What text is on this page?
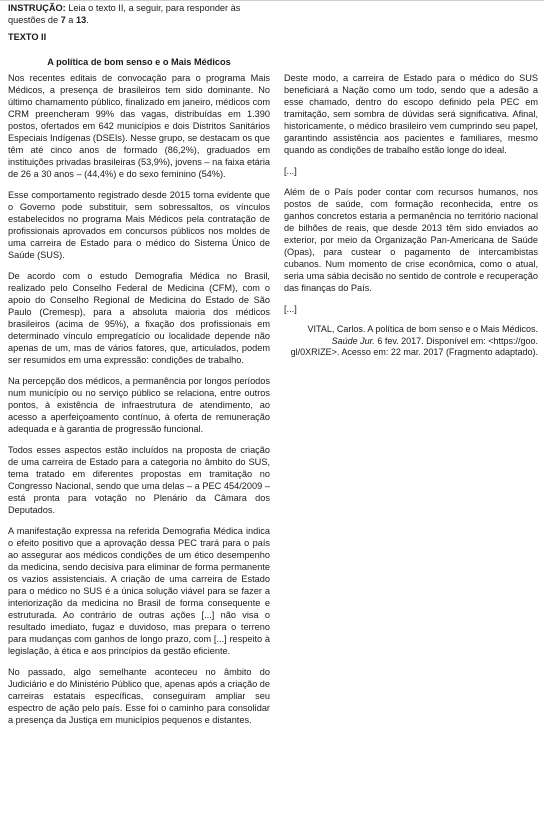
INSTRUÇÃO: Leia o texto II, a seguir, para responder às questões de 7 a 13.
TEXTO II
A política de bom senso e o Mais Médicos

Nos recentes editais de convocação para o programa Mais Médicos, a presença de brasileiros tem sido dominante. No último chamamento público, finalizado em janeiro, médicos com CRM preencheram 99% das vagas, distribuídas em 1.390 postos, ofertados em 642 municípios e dois Distritos Sanitários Especiais Indígenas (DSEIs). Nesse grupo, se destacam os que têm até cinco anos de formado (86,2%), graduados em instituições privadas brasileiras (53,9%), jovens – na faixa etária de 26 a 30 anos – (44,4%) e do sexo feminino (54%).

Esse comportamento registrado desde 2015 torna evidente que o Governo pode substituir, sem sobressaltos, os vínculos estabelecidos no programa Mais Médicos pela contratação de profissionais aprovados em concursos públicos nos moldes de uma carreira de Estado para o médico do Sistema Único de Saúde (SUS).

De acordo com o estudo Demografia Médica no Brasil, realizado pelo Conselho Federal de Medicina (CFM), com o apoio do Conselho Regional de Medicina do Estado de São Paulo (Cremesp), para a absoluta maioria dos médicos brasileiros (acima de 95%), a fixação dos profissionais em determinado vínculo empregatício ou localidade depende não apenas de um, mas de vários fatores, que, articulados, podem ser resumidos em uma expressão: condições de trabalho.

Na percepção dos médicos, a permanência por longos períodos num município ou no serviço público se relaciona, entre outros pontos, à existência de infraestrutura de atendimento, ao acesso a aperfeiçoamento contínuo, à oferta de remuneração adequada e à garantia de progressão funcional.

Todos esses aspectos estão incluídos na proposta de criação de uma carreira de Estado para a categoria no âmbito do SUS, tema tratado em diferentes propostas em tramitação no Congresso Nacional, sendo que uma delas – a PEC 454/2009 – está pronta para votação no Plenário da Câmara dos Deputados.

A manifestação expressa na referida Demografia Médica indica o efeito positivo que a aprovação dessa PEC trará para o país ao assegurar aos médicos condições de um ético desempenho da medicina, sendo decisiva para eliminar de forma permanente os vazios assistenciais. A criação de uma carreira de Estado para o médico no SUS é a única solução viável para se fazer a interiorização da medicina no Brasil de forma consequente e estruturada. Ao contrário de outras ações [...] não visa o resultado imediato, fugaz e duvidoso, mas prepara o terreno para mudanças com ganhos de longo prazo, com [...] respeito à legislação, à ética e aos princípios da gestão eficiente.

No passado, algo semelhante aconteceu no âmbito do Judiciário e do Ministério Público que, apenas após a criação de carreiras estatais específicas, conseguiram ampliar seu espectro de ação pelo país. Esse foi o caminho para consolidar a presença da Justiça em municípios pequenos e distantes.

Deste modo, a carreira de Estado para o médico do SUS beneficiará a Nação como um todo, sendo que a adesão a esse chamado, dentro do escopo definido pela PEC em tramitação, sem sombra de dúvidas será significativa. Afinal, historicamente, o médico brasileiro vem cumprindo seu papel, garantindo assistência aos pacientes e familiares, mesmo quando as condições de trabalho estão longe do ideal.

[...]

Além de o País poder contar com recursos humanos, nos postos de saúde, com formação reconhecida, entre os ganhos concretos estaria a permanência no território nacional de bilhões de reais, que desde 2013 têm sido enviados ao exterior, por meio da Organização Pan-Americana de Saúde (Opas), para custear o pagamento de intercambistas cubanos. Num momento de crise econômica, como o atual, seria uma sábia decisão no sentido de controle e recuperação das finanças do País.

[...]

VITAL, Carlos. A política de bom senso e o Mais Médicos.
Saúde Jur. 6 fev. 2017. Disponível em: <https://goo.
gl/0XRIZE>. Acesso em: 22 mar. 2017 (Fragmento adaptado).
